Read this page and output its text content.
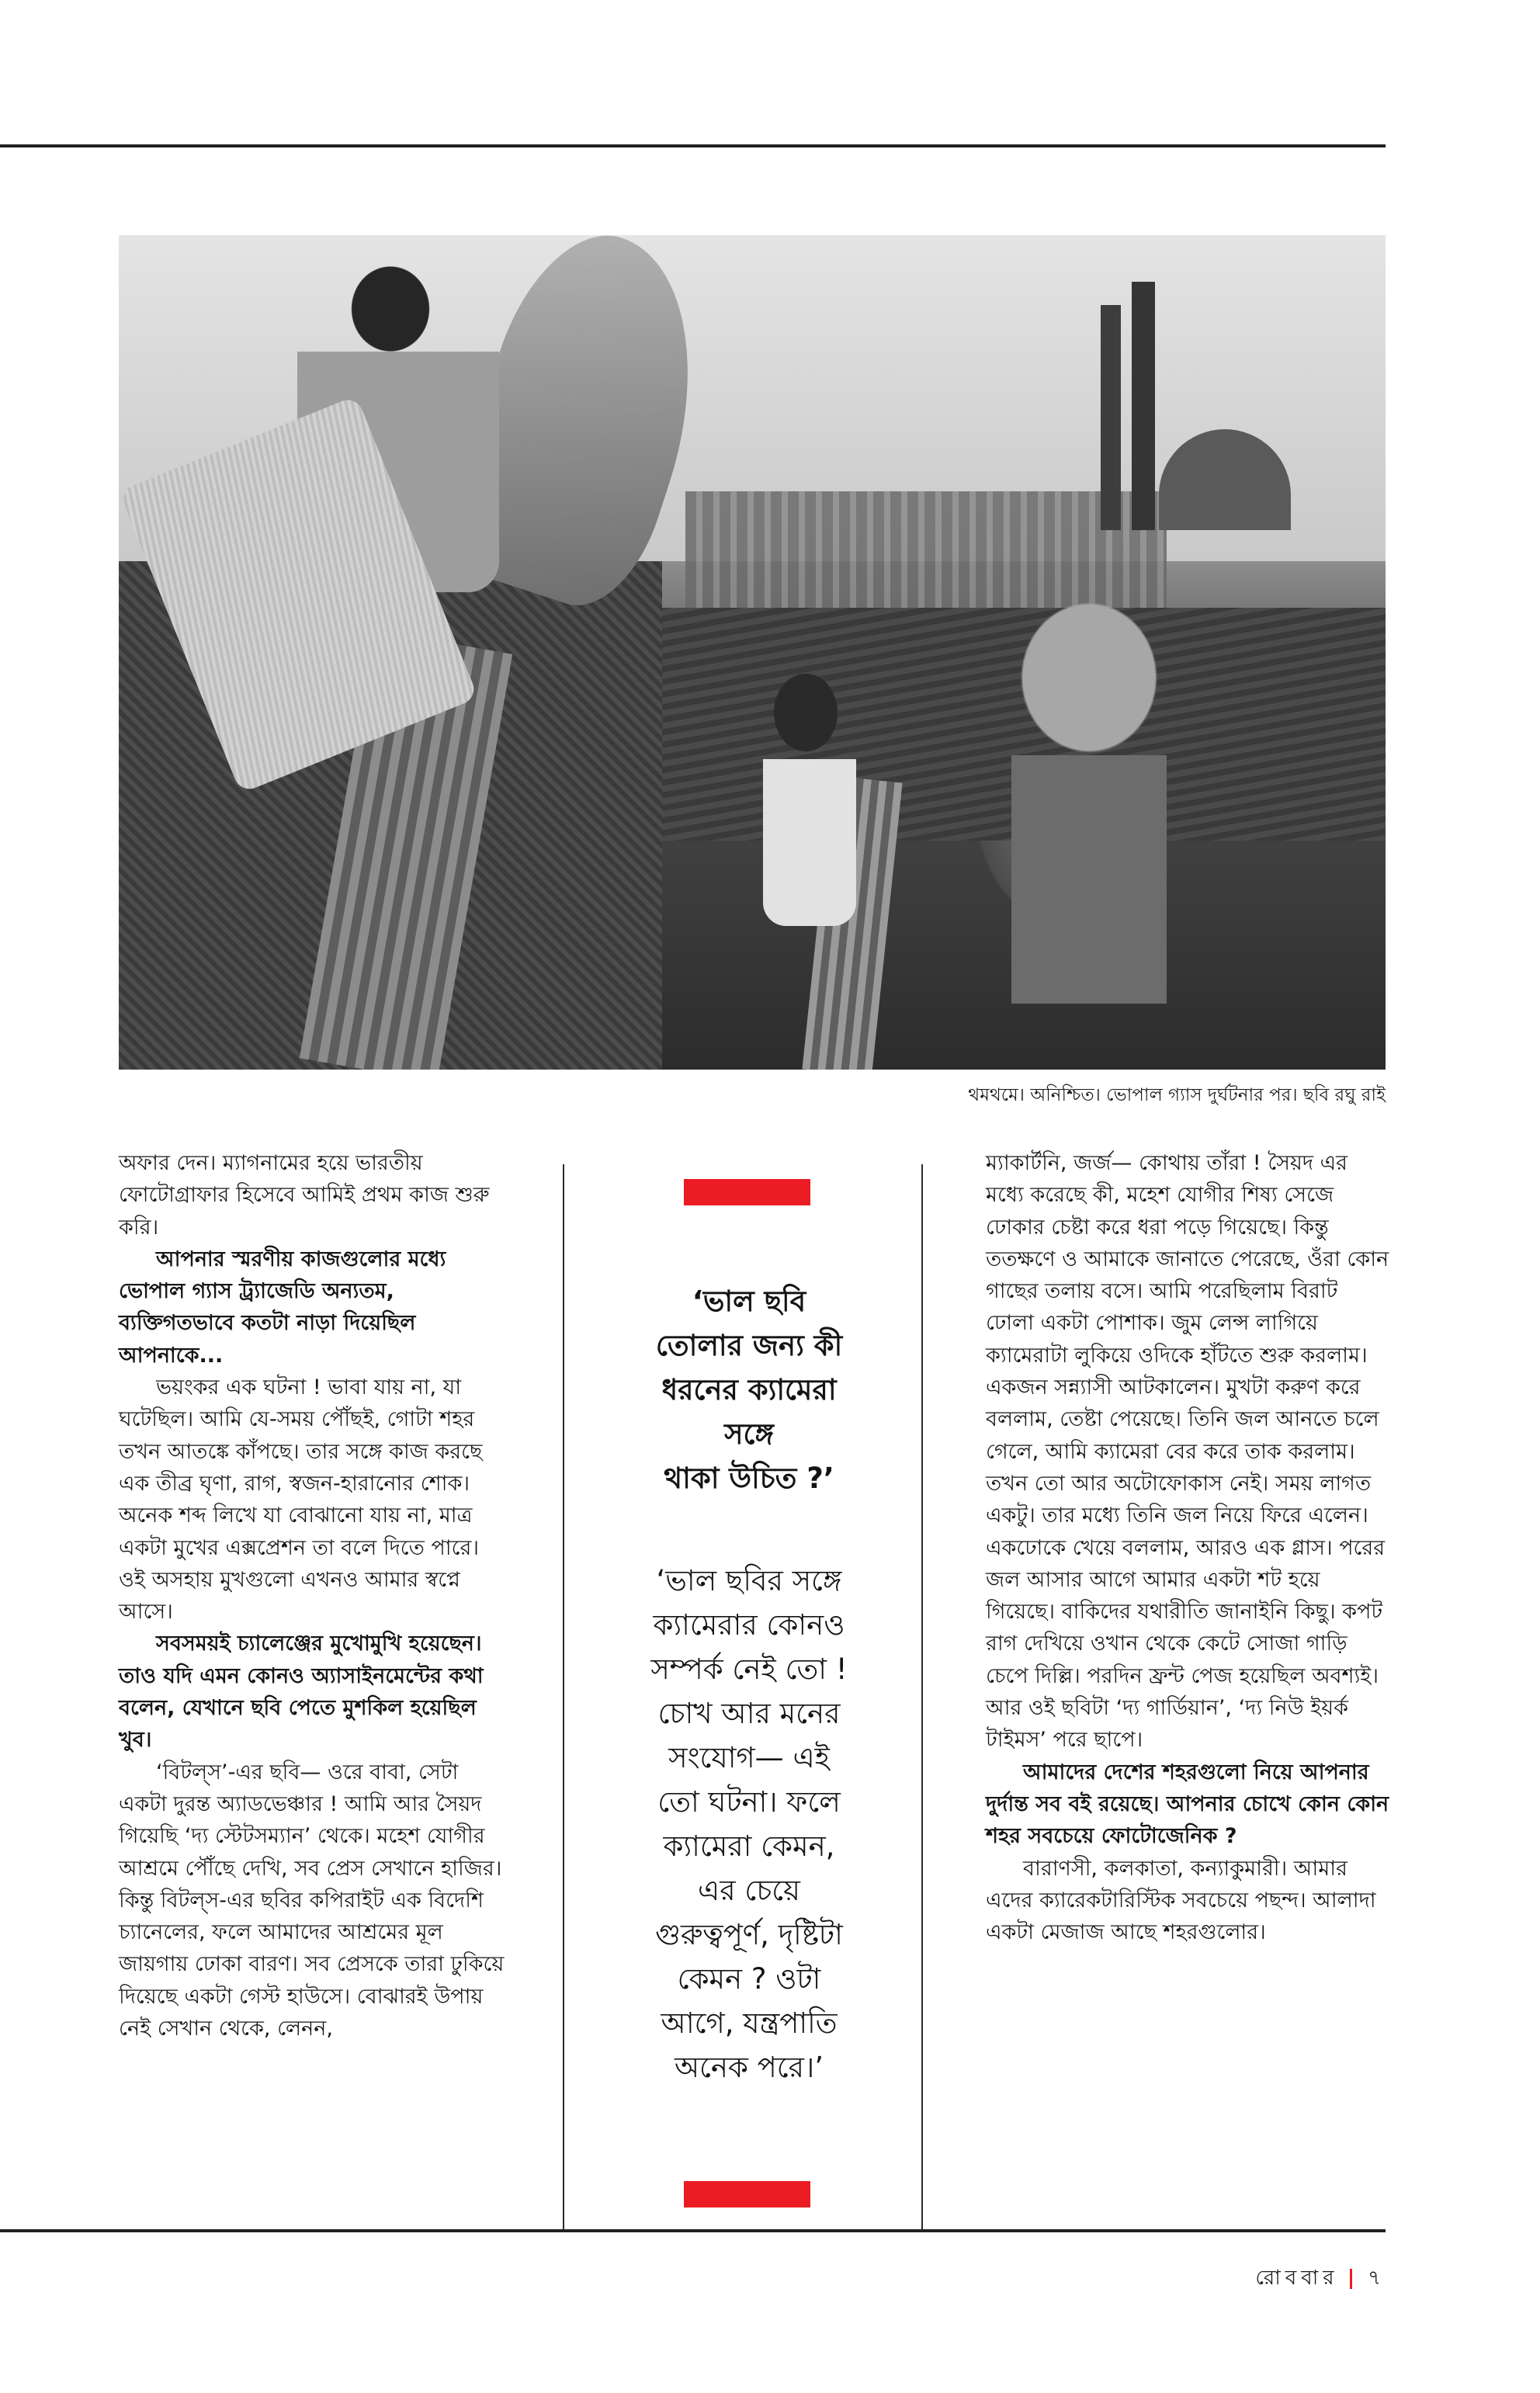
থমথমে। অনিশ্চিত। ভোপাল গ্যাস দুর্ঘটনার পর। ছবি রঘু রাই

অফার দেন। ম্যাগনামের হয়ে ভারতীয় ফোটোগ্রাফার হিসেবে আমিই প্রথম কাজ শুরু করি।

আপনার স্মরণীয় কাজগুলোর মধ্যে ভোপাল গ্যাস ট্র্যাজেডি অন্যতম, ব্যক্তিগতভাবে কতটা নাড়া দিয়েছিল আপনাকে...

ভয়ংকর এক ঘটনা ! ভাবা যায় না, যা ঘটেছিল। আমি যে-সময় পৌঁছই, গোটা শহর তখন আতঙ্কে কাঁপছে। তার সঙ্গে কাজ করছে এক তীব্র ঘৃণা, রাগ, স্বজন-হারানোর শোক। অনেক শব্দ লিখে যা বোঝানো যায় না, মাত্র একটা মুখের এক্সপ্রেশন তা বলে দিতে পারে। ওই অসহায় মুখগুলো এখনও আমার স্বপ্নে আসে।

সবসময়ই চ্যালেঞ্জের মুখোমুখি হয়েছেন। তাও যদি এমন কোনও অ্যাসাইনমেন্টের কথা বলেন, যেখানে ছবি পেতে মুশকিল হয়েছিল খুব।

‘বিটল্‌স’-এর ছবি— ওরে বাবা, সেটা একটা দুরন্ত অ্যাডভেঞ্চার ! আমি আর সৈয়দ গিয়েছি ‘দ্য স্টেটসম্যান’ থেকে। মহেশ যোগীর আশ্রমে পৌঁছে দেখি, সব প্রেস সেখানে হাজির। কিন্তু বিটল্‌স-এর ছবির কপিরাইট এক বিদেশি চ্যানেলের, ফলে আমাদের আশ্রমের মূল জায়গায় ঢোকা বারণ। সব প্রেসকে তারা ঢুকিয়ে দিয়েছে একটা গেস্ট হাউসে। বোঝারই উপায় নেই সেখান থেকে, লেনন,

‘ভাল ছবি
তোলার জন্য কী
ধরনের ক্যামেরা
সঙ্গে
থাকা উচিত ?’
‘ভাল ছবির সঙ্গে
ক্যামেরার কোনও
সম্পর্ক নেই তো !
চোখ আর মনের
সংযোগ— এই
তো ঘটনা। ফলে
ক্যামেরা কেমন,
এর চেয়ে
গুরুত্বপূর্ণ, দৃষ্টিটা
কেমন ? ওটা
আগে, যন্ত্রপাতি
অনেক পরে।’

ম্যাকার্টনি, জর্জ— কোথায় তাঁরা ! সৈয়দ এর মধ্যে করেছে কী, মহেশ যোগীর শিষ্য সেজে ঢোকার চেষ্টা করে ধরা পড়ে গিয়েছে। কিন্তু ততক্ষণে ও আমাকে জানাতে পেরেছে, ওঁরা কোন গাছের তলায় বসে। আমি পরেছিলাম বিরাট ঢোলা একটা পোশাক। জুম লেন্স লাগিয়ে ক্যামেরাটা লুকিয়ে ওদিকে হাঁটতে শুরু করলাম। একজন সন্ন্যাসী আটকালেন। মুখটা করুণ করে বললাম, তেষ্টা পেয়েছে। তিনি জল আনতে চলে গেলে, আমি ক্যামেরা বের করে তাক করলাম। তখন তো আর অটোফোকাস নেই। সময় লাগত একটু। তার মধ্যে তিনি জল নিয়ে ফিরে এলেন। একঢোকে খেয়ে বললাম, আরও এক গ্লাস। পরের জল আসার আগে আমার একটা শট হয়ে গিয়েছে। বাকিদের যথারীতি জানাইনি কিছু। কপট রাগ দেখিয়ে ওখান থেকে কেটে সোজা গাড়ি চেপে দিল্লি। পরদিন ফ্রন্ট পেজ হয়েছিল অবশ্যই। আর ওই ছবিটা ‘দ্য গার্ডিয়ান’, ‘দ্য নিউ ইয়র্ক টাইমস’ পরে ছাপে।

আমাদের দেশের শহরগুলো নিয়ে আপনার দুর্দান্ত সব বই রয়েছে। আপনার চোখে কোন কোন শহর সবচেয়ে ফোটোজেনিক ?

বারাণসী, কলকাতা, কন্যাকুমারী। আমার এদের ক্যারেকটারিস্টিক সবচেয়ে পছন্দ। আলাদা একটা মেজাজ আছে শহরগুলোর।

রোববার ৭
